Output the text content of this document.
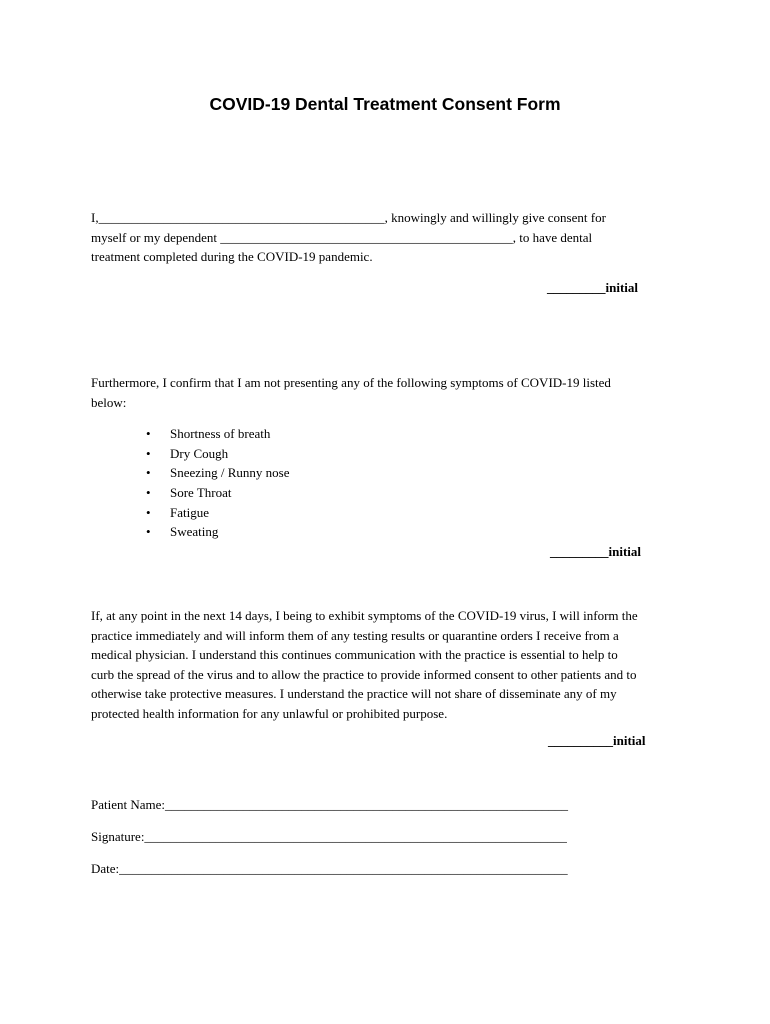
COVID-19 Dental Treatment Consent Form
I,____________________________________________, knowingly and willingly give consent for
myself or my dependent _____________________________________________, to have dental
treatment completed during the COVID-19 pandemic.
_________initial
Furthermore, I confirm that I am not presenting any of the following symptoms of COVID-19 listed
below:
• Shortness of breath
• Dry Cough
• Sneezing / Runny nose
• Sore Throat
• Fatigue
• Sweating
_________initial
If, at any point in the next 14 days, I being to exhibit symptoms of the COVID-19 virus, I will inform the
practice immediately and will inform them of any testing results or quarantine orders I receive from a
medical physician. I understand this continues communication with the practice is essential to help to
curb the spread of the virus and to allow the practice to provide informed consent to other patients and to
otherwise take protective measures. I understand the practice will not share of disseminate any of my
protected health information for any unlawful or prohibited purpose.
__________initial
Patient Name:______________________________________________________________
Signature:_________________________________________________________________
Date:_____________________________________________________________________
